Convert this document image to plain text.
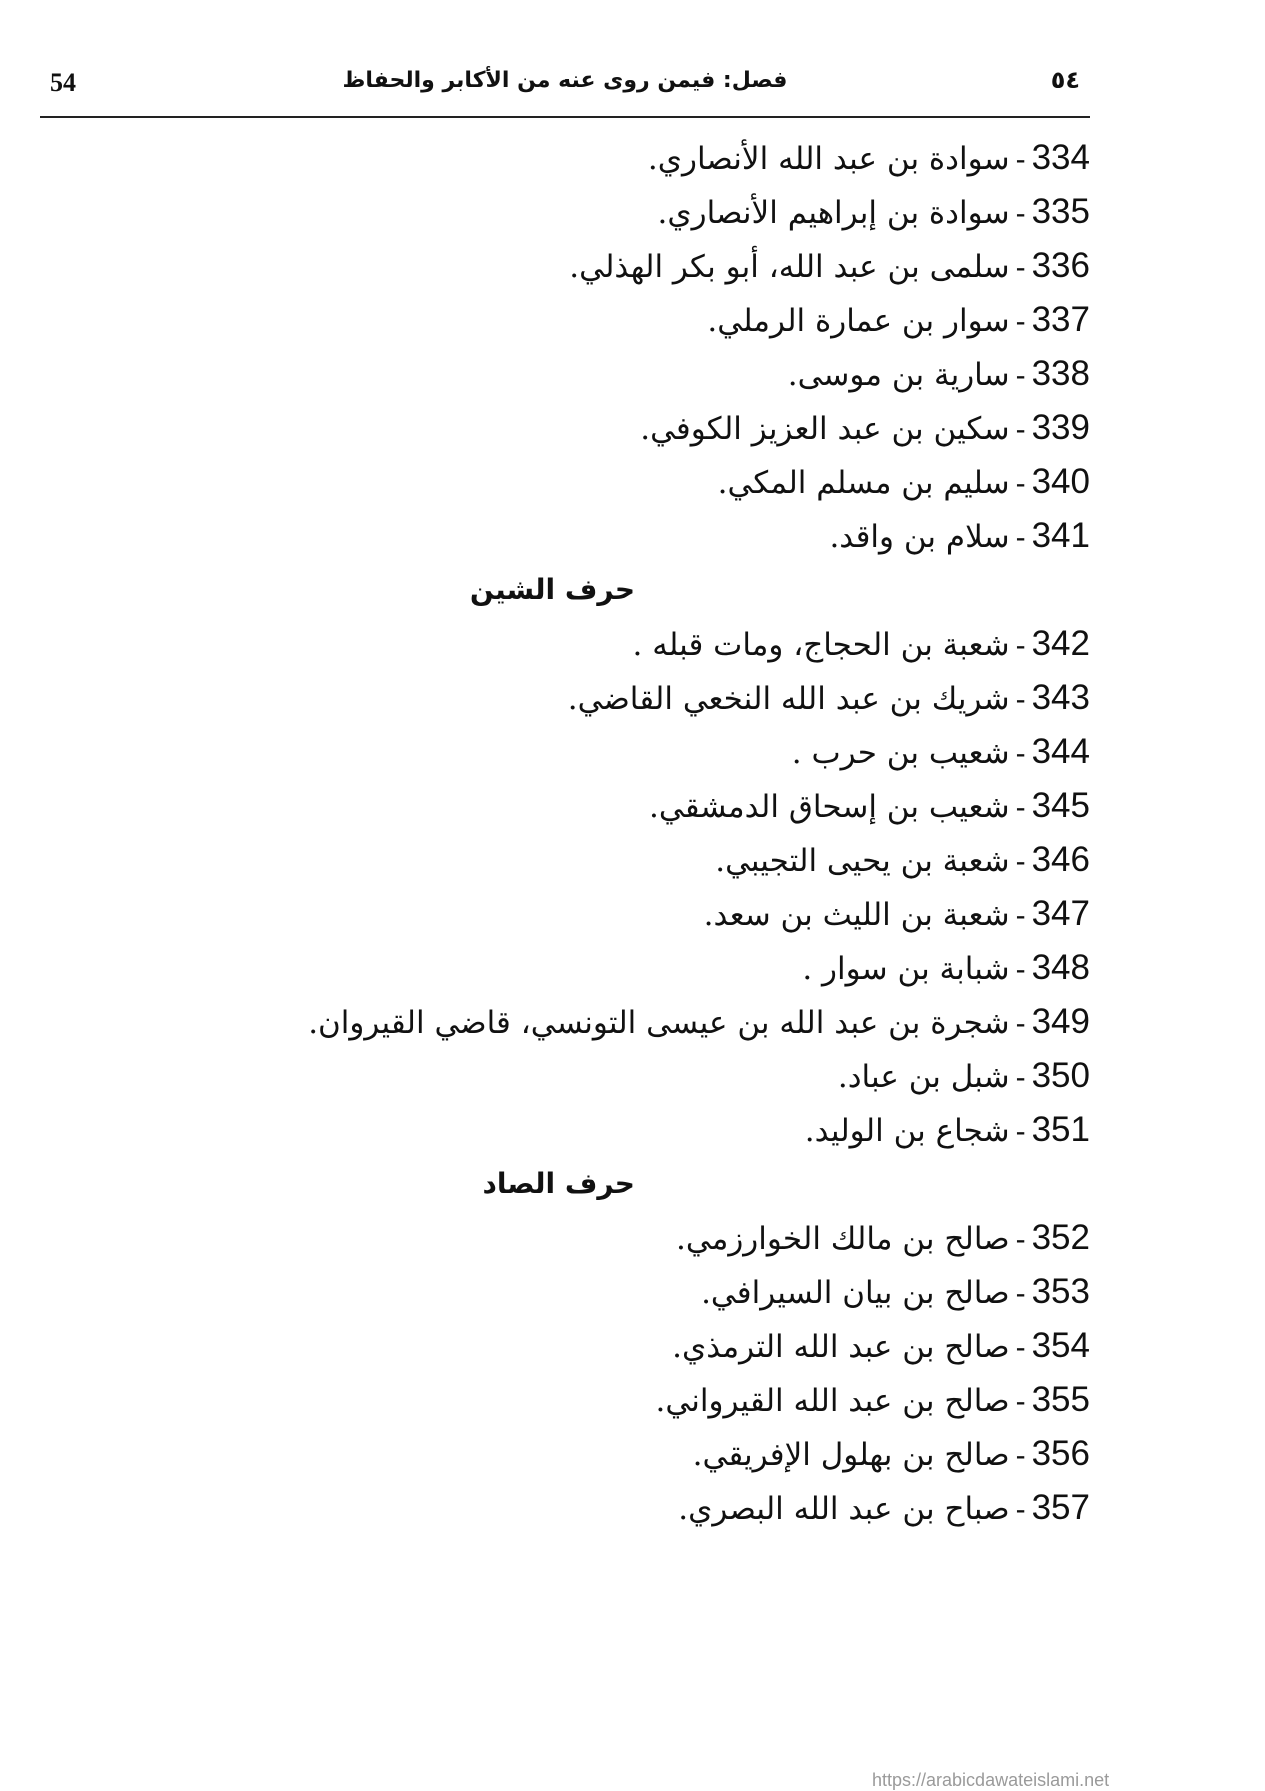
54	فصل: فيمن روى عنه من الأكابر والحفاظ	٥٤
334-سوادة بن عبد الله الأنصاري.
335-سوادة بن إبراهيم الأنصاري.
336-سلمى بن عبد الله، أبو بكر الهذلي.
337-سوار بن عمارة الرملي.
338-سارية بن موسى.
339-سكين بن عبد العزيز الكوفي.
340-سليم بن مسلم المكي.
341-سلام بن واقد.
حرف الشين
342-شعبة بن الحجاج، ومات قبله .
343-شريك بن عبد الله النخعي القاضي.
344-شعيب بن حرب .
345-شعيب بن إسحاق الدمشقي.
346-شعبة بن يحيى التجيبي.
347-شعبة بن الليث بن سعد.
348-شبابة بن سوار .
349-شجرة بن عبد الله بن عيسى التونسي، قاضي القيروان.
350-شبل بن عباد.
351-شجاع بن الوليد.
حرف الصاد
352-صالح بن مالك الخوارزمي.
353-صالح بن بيان السيرافي.
354-صالح بن عبد الله الترمذي.
355-صالح بن عبد الله القيرواني.
356-صالح بن بهلول الإفريقي.
357-صباح بن عبد الله البصري.
https://arabicdawateislami.net
